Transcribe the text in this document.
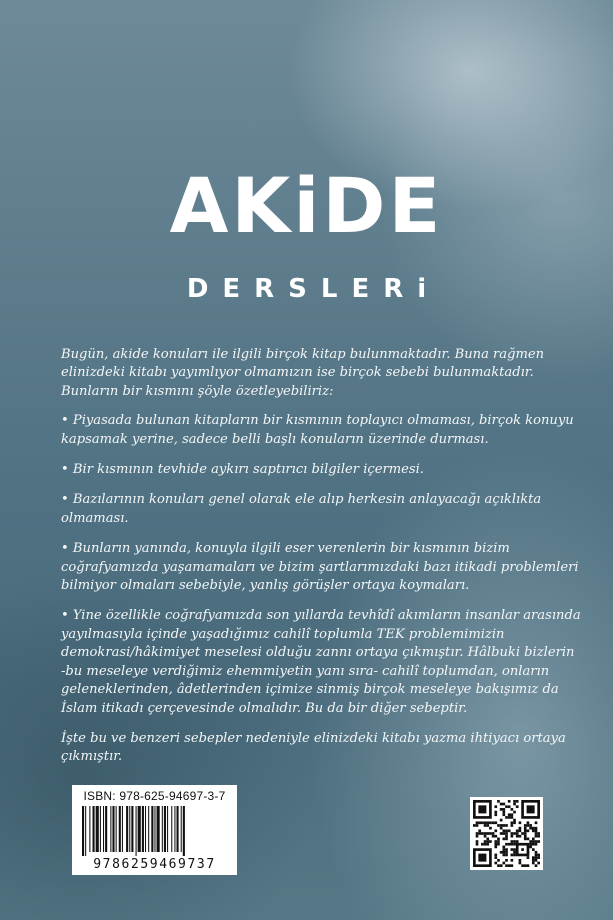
AKiDE
DERSLERi

Bugün, akide konuları ile ilgili birçok kitap bulunmaktadır. Buna rağmen elinizdeki kitabı yayımlıyor olmamızın ise birçok sebebi bulunmaktadır.
Bunların bir kısmını şöyle özetleyebiliriz:

• Piyasada bulunan kitapların bir kısmının toplayıcı olmaması, birçok konuyu kapsamak yerine, sadece belli başlı konuların üzerinde durması.

• Bir kısmının tevhide aykırı saptırıcı bilgiler içermesi.

• Bazılarının konuları genel olarak ele alıp herkesin anlayacağı açıklıkta olmaması.

• Bunların yanında, konuyla ilgili eser verenlerin bir kısmının bizim coğrafyamızda yaşamamaları ve bizim şartlarımızdaki bazı itikadi problemleri bilmiyor olmaları sebebiyle, yanlış görüşler ortaya koymaları.

• Yine özellikle coğrafyamızda son yıllarda tevhîdî akımların insanlar arasında yayılmasıyla içinde yaşadığımız cahilî toplumla TEK problemimizin demokrasi/hâkimiyet meselesi olduğu zannı ortaya çıkmıştır. Hâlbuki bizlerin -bu meseleye verdiğimiz ehemmiyetin yanı sıra- cahilî toplumdan, onların geleneklerinden, âdetlerinden içimize sinmiş birçok meseleye bakışımız da İslam itikadı çerçevesinde olmalıdır. Bu da bir diğer sebeptir.

İşte bu ve benzeri sebepler nedeniyle elinizdeki kitabı yazma ihtiyacı ortaya çıkmıştır.

ISBN: 978-625-94697-3-7
9786259469737
